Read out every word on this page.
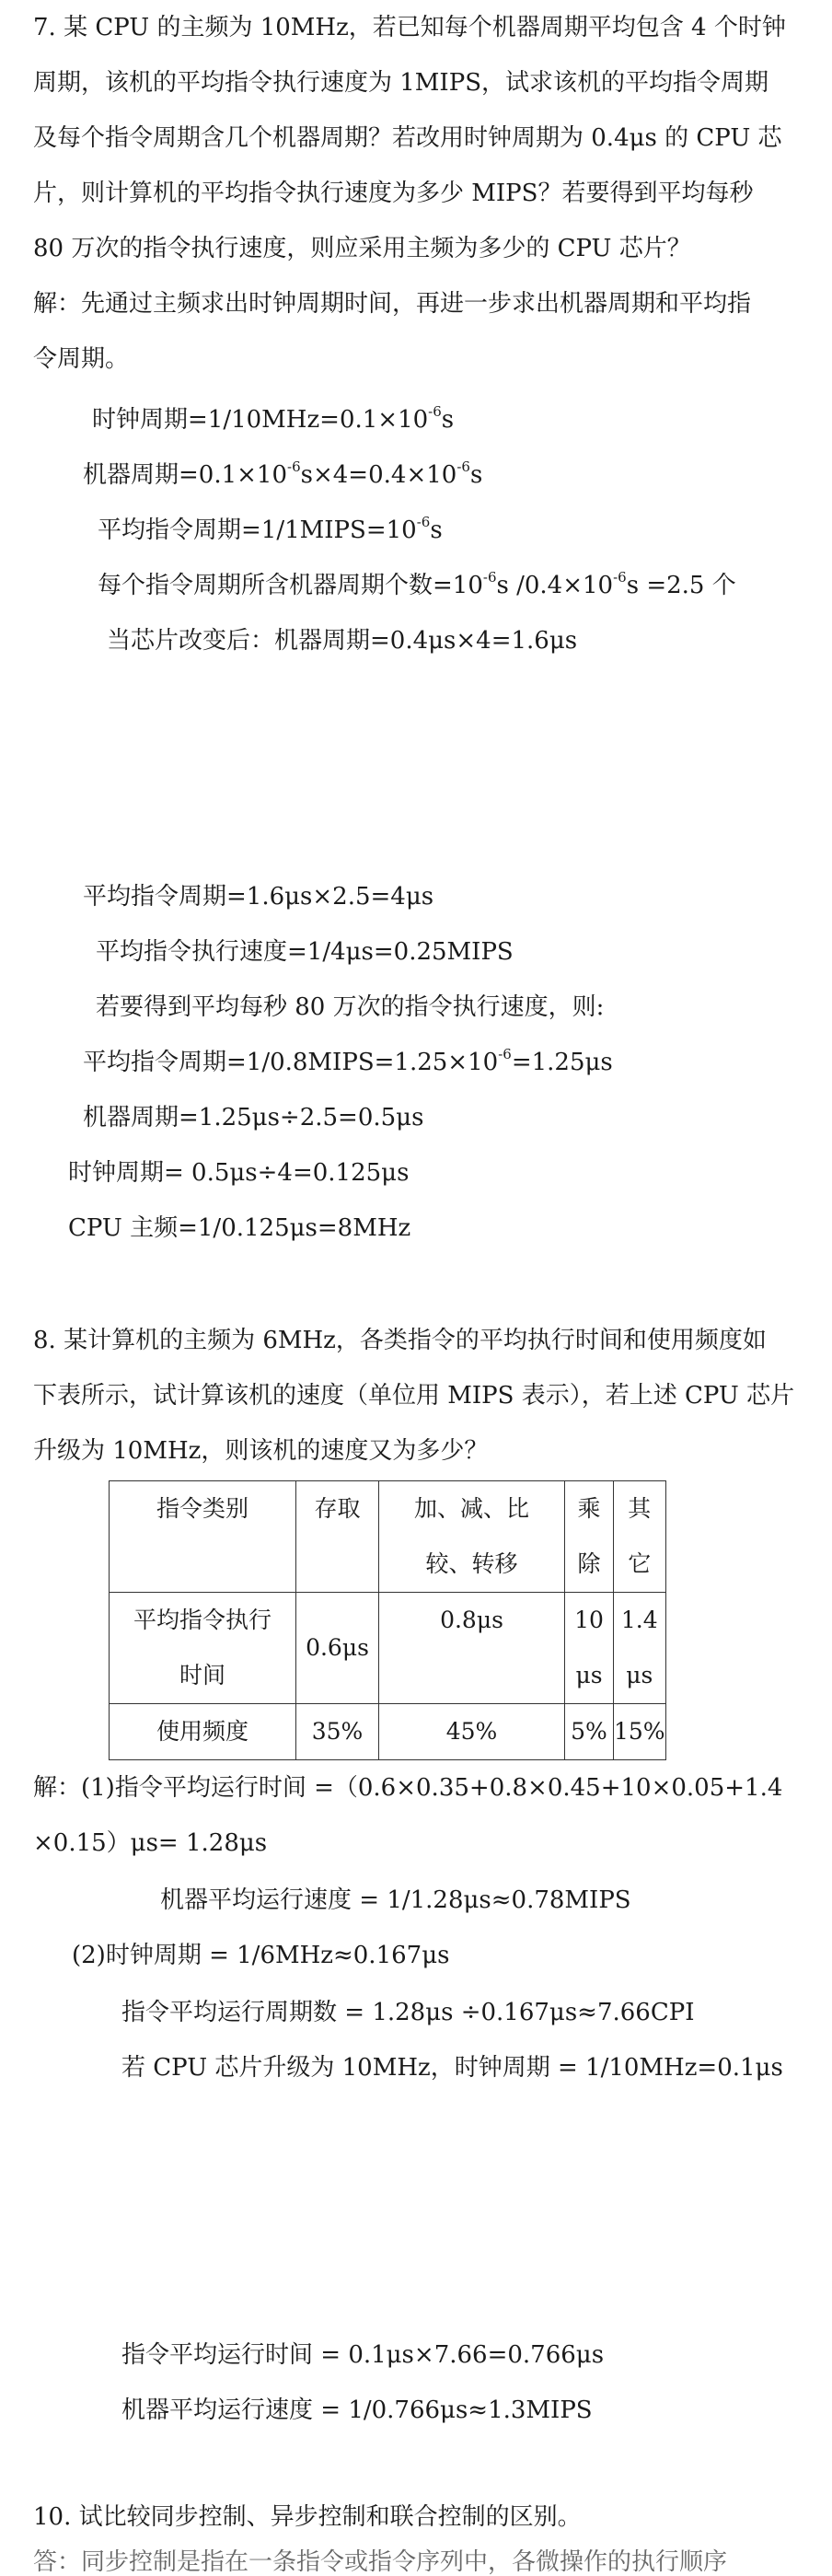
7. 某 CPU 的主频为 10MHz，若已知每个机器周期平均包含 4 个时钟
周期，该机的平均指令执行速度为 1MIPS，试求该机的平均指令周期
及每个指令周期含几个机器周期？若改用时钟周期为 0.4μs 的 CPU 芯
片，则计算机的平均指令执行速度为多少 MIPS？若要得到平均每秒
80 万次的指令执行速度，则应采用主频为多少的 CPU 芯片？
解：先通过主频求出时钟周期时间，再进一步求出机器周期和平均指
令周期。
时钟周期$=1/10MHz=0.1\times 10^{-6}s$
机器周期$=0.1\times 10^{-6}s\times 4=0.4\times 10^{-6}s$
平均指令周期$=1/1MIPS=10^{-6}s$
每个指令周期所含机器周期个数$=10^{-6}s$ $/0.4\times 10^{-6}s =2.5$ 个
当芯片改变后：机器周期=0.4μs×4=1.6μs
平均指令周期=1.6μs×2.5=4μs
平均指令执行速度=1/4μs=0.25MIPS
若要得到平均每秒 80 万次的指令执行速度，则:
平均指令周期$=1/0.8MIPS=1.25\times 10^{-6}=1.25\mu s$
机器周期=1.25μs÷2.5=0.5μs
时钟周期= 0.5μs÷4=0.125μs
CPU 主频=1/0.125μs=8MHz
8. 某计算机的主频为 6MHz，各类指令的平均执行时间和使用频度如
下表所示，试计算该机的速度（单位用 MIPS 表示），若上述 CPU 芯片
升级为 10MHz，则该机的速度又为多少？
指令类别	存取	加、减、比较、转移	乘除	其它
平均指令执行时间	0.6μs	0.8μs	10μs	1.4μs
使用频度	35%	45%	5%	15%
解：(1)指令平均运行时间 =（0.6×0.35+0.8×0.45+10×0.05+1.4
×0.15）μs= 1.28μs
机器平均运行速度 = 1/1.28μs≈0.78MIPS
(2)时钟周期 = 1/6MHz≈0.167μs
指令平均运行周期数 = 1.28μs ÷0.167μs≈7.66CPI
若 CPU 芯片升级为 10MHz，时钟周期 = 1/10MHz=0.1μs
指令平均运行时间 = 0.1μs×7.66=0.766μs
机器平均运行速度 = 1/0.766μs≈1.3MIPS
10. 试比较同步控制、异步控制和联合控制的区别。
答：同步控制是指在一条指令或指令序列中，各微操作的执行顺序
